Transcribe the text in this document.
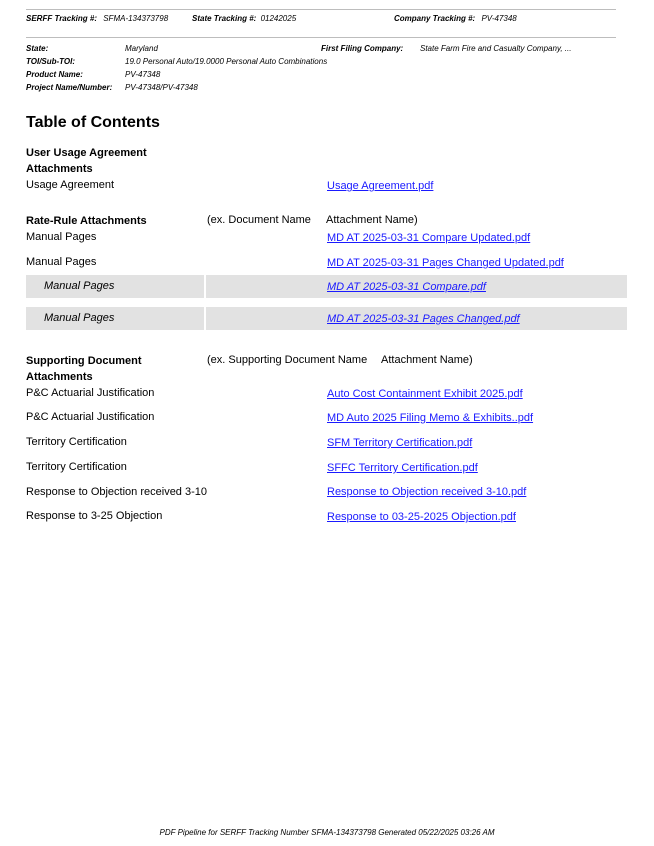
SERFF Tracking #: SFMA-134373798	State Tracking #: 01242025	Company Tracking #: PV-47348
State:	Maryland	First Filing Company: State Farm Fire and Casualty Company, ...
TOI/Sub-TOI:	19.0 Personal Auto/19.0000 Personal Auto Combinations
Product Name:	PV-47348
Project Name/Number: PV-47348/PV-47348
Table of Contents
User Usage Agreement
Attachments
Usage Agreement	Usage Agreement.pdf
Rate-Rule Attachments	(ex. Document Name Attachment Name)
Manual Pages	MD AT 2025-03-31 Compare Updated.pdf
Manual Pages	MD AT 2025-03-31 Pages Changed Updated.pdf
Manual Pages	MD AT 2025-03-31 Compare.pdf
Manual Pages	MD AT 2025-03-31 Pages Changed.pdf
Supporting Document
Attachments
(ex. Supporting Document Name Attachment Name)
P&C Actuarial Justification	Auto Cost Containment Exhibit 2025.pdf
P&C Actuarial Justification	MD Auto 2025 Filing Memo & Exhibits..pdf
Territory Certification	SFM Territory Certification.pdf
Territory Certification	SFFC Territory Certification.pdf
Response to Objection received 3-10	Response to Objection received 3-10.pdf
Response to 3-25 Objection	Response to 03-25-2025 Objection.pdf
PDF Pipeline for SERFF Tracking Number SFMA-134373798 Generated 05/22/2025 03:26 AM
